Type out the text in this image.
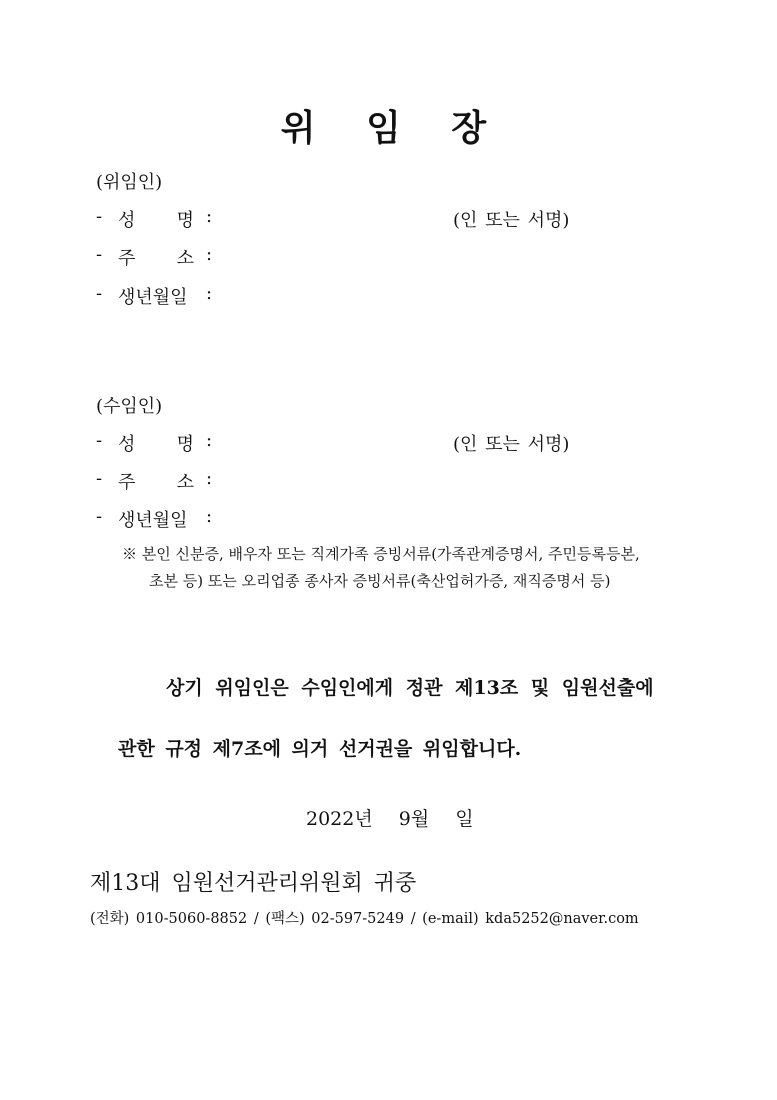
위 임 장
(위임인)
- 성 명 :	(인 또는 서명)
- 주 소 :
- 생년월일 :
(수임인)
- 성 명 :	(인 또는 서명)
- 주 소 :
- 생년월일 :
※ 본인 신분증, 배우자 또는 직계가족 증빙서류(가족관계증명서, 주민등록등본,
초본 등) 또는 오리업종 종사자 증빙서류(축산업허가증, 재직증명서 등)
상기 위임인은 수임인에게 정관 제13조 및 임원선출에
관한 규정 제7조에 의거 선거권을 위임합니다.
2022년 9월 일
제13대 임원선거관리위원회 귀중
(전화) 010-5060-8852 / (팩스) 02-597-5249 / (e-mail) kda5252@naver.com
